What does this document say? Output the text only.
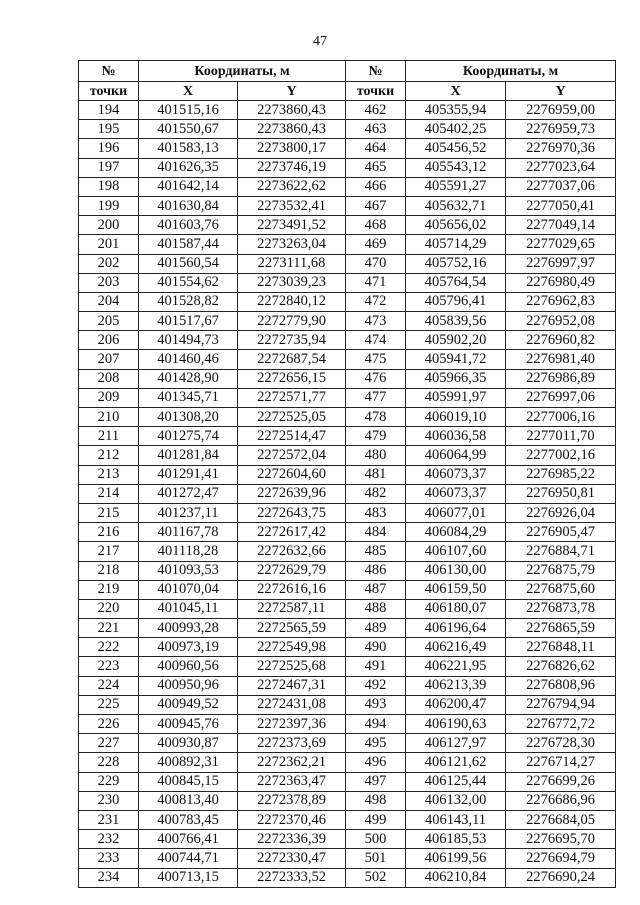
47
№	Координаты, м		№	Координаты, м	
точки	X	Y	точки	X	Y
194	401515,16	2273860,43	462	405355,94	2276959,00
195	401550,67	2273860,43	463	405402,25	2276959,73
196	401583,13	2273800,17	464	405456,52	2276970,36
197	401626,35	2273746,19	465	405543,12	2277023,64
198	401642,14	2273622,62	466	405591,27	2277037,06
199	401630,84	2273532,41	467	405632,71	2277050,41
200	401603,76	2273491,52	468	405656,02	2277049,14
201	401587,44	2273263,04	469	405714,29	2277029,65
202	401560,54	2273111,68	470	405752,16	2276997,97
203	401554,62	2273039,23	471	405764,54	2276980,49
204	401528,82	2272840,12	472	405796,41	2276962,83
205	401517,67	2272779,90	473	405839,56	2276952,08
206	401494,73	2272735,94	474	405902,20	2276960,82
207	401460,46	2272687,54	475	405941,72	2276981,40
208	401428,90	2272656,15	476	405966,35	2276986,89
209	401345,71	2272571,77	477	405991,97	2276997,06
210	401308,20	2272525,05	478	406019,10	2277006,16
211	401275,74	2272514,47	479	406036,58	2277011,70
212	401281,84	2272572,04	480	406064,99	2277002,16
213	401291,41	2272604,60	481	406073,37	2276985,22
214	401272,47	2272639,96	482	406073,37	2276950,81
215	401237,11	2272643,75	483	406077,01	2276926,04
216	401167,78	2272617,42	484	406084,29	2276905,47
217	401118,28	2272632,66	485	406107,60	2276884,71
218	401093,53	2272629,79	486	406130,00	2276875,79
219	401070,04	2272616,16	487	406159,50	2276875,60
220	401045,11	2272587,11	488	406180,07	2276873,78
221	400993,28	2272565,59	489	406196,64	2276865,59
222	400973,19	2272549,98	490	406216,49	2276848,11
223	400960,56	2272525,68	491	406221,95	2276826,62
224	400950,96	2272467,31	492	406213,39	2276808,96
225	400949,52	2272431,08	493	406200,47	2276794,94
226	400945,76	2272397,36	494	406190,63	2276772,72
227	400930,87	2272373,69	495	406127,97	2276728,30
228	400892,31	2272362,21	496	406121,62	2276714,27
229	400845,15	2272363,47	497	406125,44	2276699,26
230	400813,40	2272378,89	498	406132,00	2276686,96
231	400783,45	2272370,46	499	406143,11	2276684,05
232	400766,41	2272336,39	500	406185,53	2276695,70
233	400744,71	2272330,47	501	406199,56	2276694,79
234	400713,15	2272333,52	502	406210,84	2276690,24
